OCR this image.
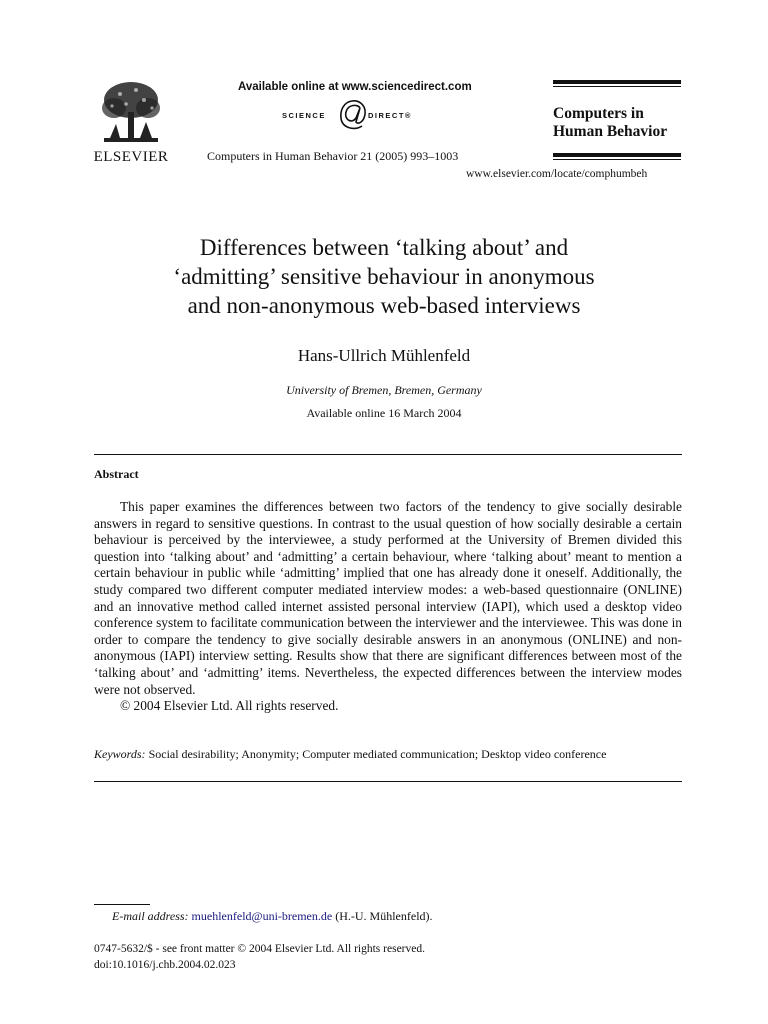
ELSEVIER
Available online at www.sciencedirect.com
SCIENCE	DIRECT®
Computers in Human Behavior 21 (2005) 993–1003
Computers in
Human Behavior
www.elsevier.com/locate/comphumbeh
Differences between ‘talking about’ and
‘admitting’ sensitive behaviour in anonymous
and non-anonymous web-based interviews
Hans-Ullrich Mühlenfeld
University of Bremen, Bremen, Germany
Available online 16 March 2004
Abstract

This paper examines the differences between two factors of the tendency to give socially desirable answers in regard to sensitive questions. In contrast to the usual question of how socially desirable a certain behaviour is perceived by the interviewee, a study performed at the University of Bremen divided this question into ‘talking about’ and ‘admitting’ a certain behaviour, where ‘talking about’ meant to mention a certain behaviour in public while ‘admitting’ implied that one has already done it oneself. Additionally, the study compared two different computer mediated interview modes: a web-based questionnaire (ONLINE) and an innovative method called internet assisted personal interview (IAPI), which used a desktop video conference system to facilitate communication between the interviewer and the interviewee. This was done in order to compare the tendency to give socially desirable answers in an anonymous (ONLINE) and non-anonymous (IAPI) interview setting. Results show that there are significant differences between most of the ‘talking about’ and ‘admitting’ items. Nevertheless, the expected differences between the interview modes were not observed.

© 2004 Elsevier Ltd. All rights reserved.

Keywords: Social desirability; Anonymity; Computer mediated communication; Desktop video conference
E-mail address: muehlenfeld@uni-bremen.de (H.-U. Mühlenfeld).
0747-5632/$ - see front matter © 2004 Elsevier Ltd. All rights reserved.
doi:10.1016/j.chb.2004.02.023
